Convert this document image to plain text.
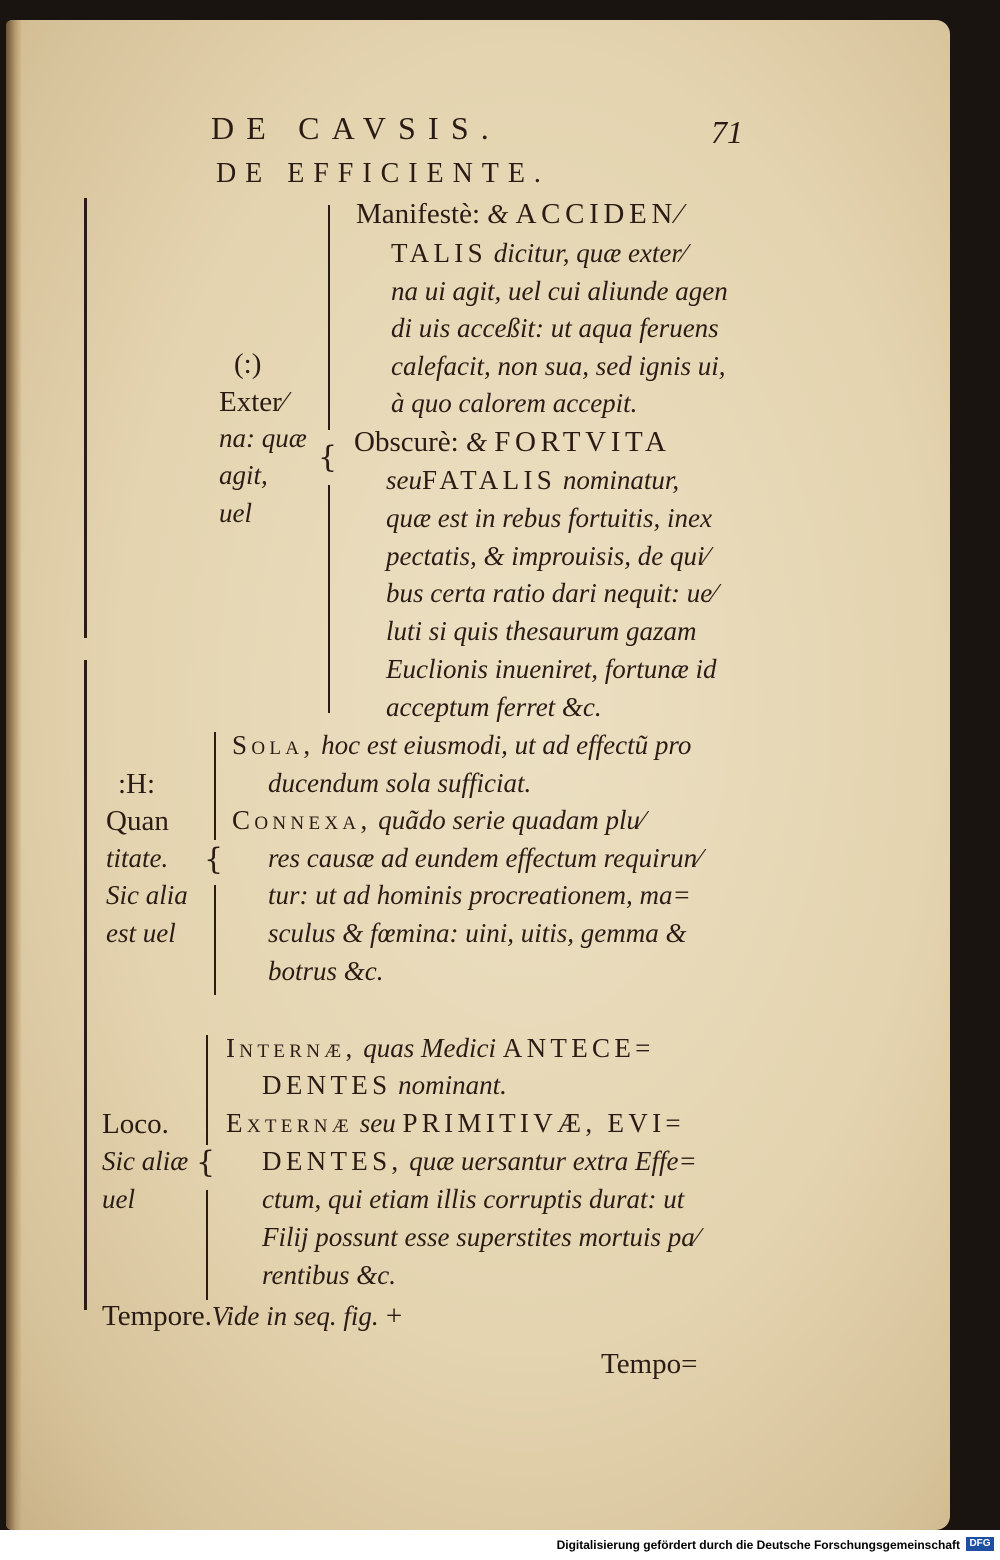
DE CAVSIS.	71
DE EFFICIENTE.
(:)
Exter⁄
na: quæ
agit,
uel
{
Manifestè: & ACCIDEN⁄
TALIS dicitur, quæ exter⁄
na ui agit, uel cui aliunde agen
di uis acceßit: ut aqua feruens
calefacit, non sua, sed ignis ui,
à quo calorem accepit.
Obscurè: & FORTVITA
seuFATALIS nominatur,
quæ est in rebus fortuitis, inex
pectatis, & improuisis, de qui⁄
bus certa ratio dari nequit: ue⁄
luti si quis thesaurum gazam
Euclionis inueniret, fortunæ id
acceptum ferret &c.
:H:
Quan
titate.
Sic alia
est uel
{
Sola, hoc est eiusmodi, ut ad effectũ pro
ducendum sola sufficiat.
Connexa, quãdo serie quadam plu⁄
res causæ ad eundem effectum requirun⁄
tur: ut ad hominis procreationem, ma=
sculus & fœmina: uini, uitis, gemma &
botrus &c.
Loco.
Sic aliæ
uel
{
Internæ, quas Medici ANTECE=
DENTES nominant.
Externæ seu PRIMITIVÆ, EVI=
DENTES, quæ uersantur extra Effe=
ctum, qui etiam illis corruptis durat: ut
Filij possunt esse superstites mortuis pa⁄
rentibus &c.
Tempore.Vide in seq. fig. +
Tempo=
Digitalisierung gefördert durch die Deutsche Forschungsgemeinschaft DFG
